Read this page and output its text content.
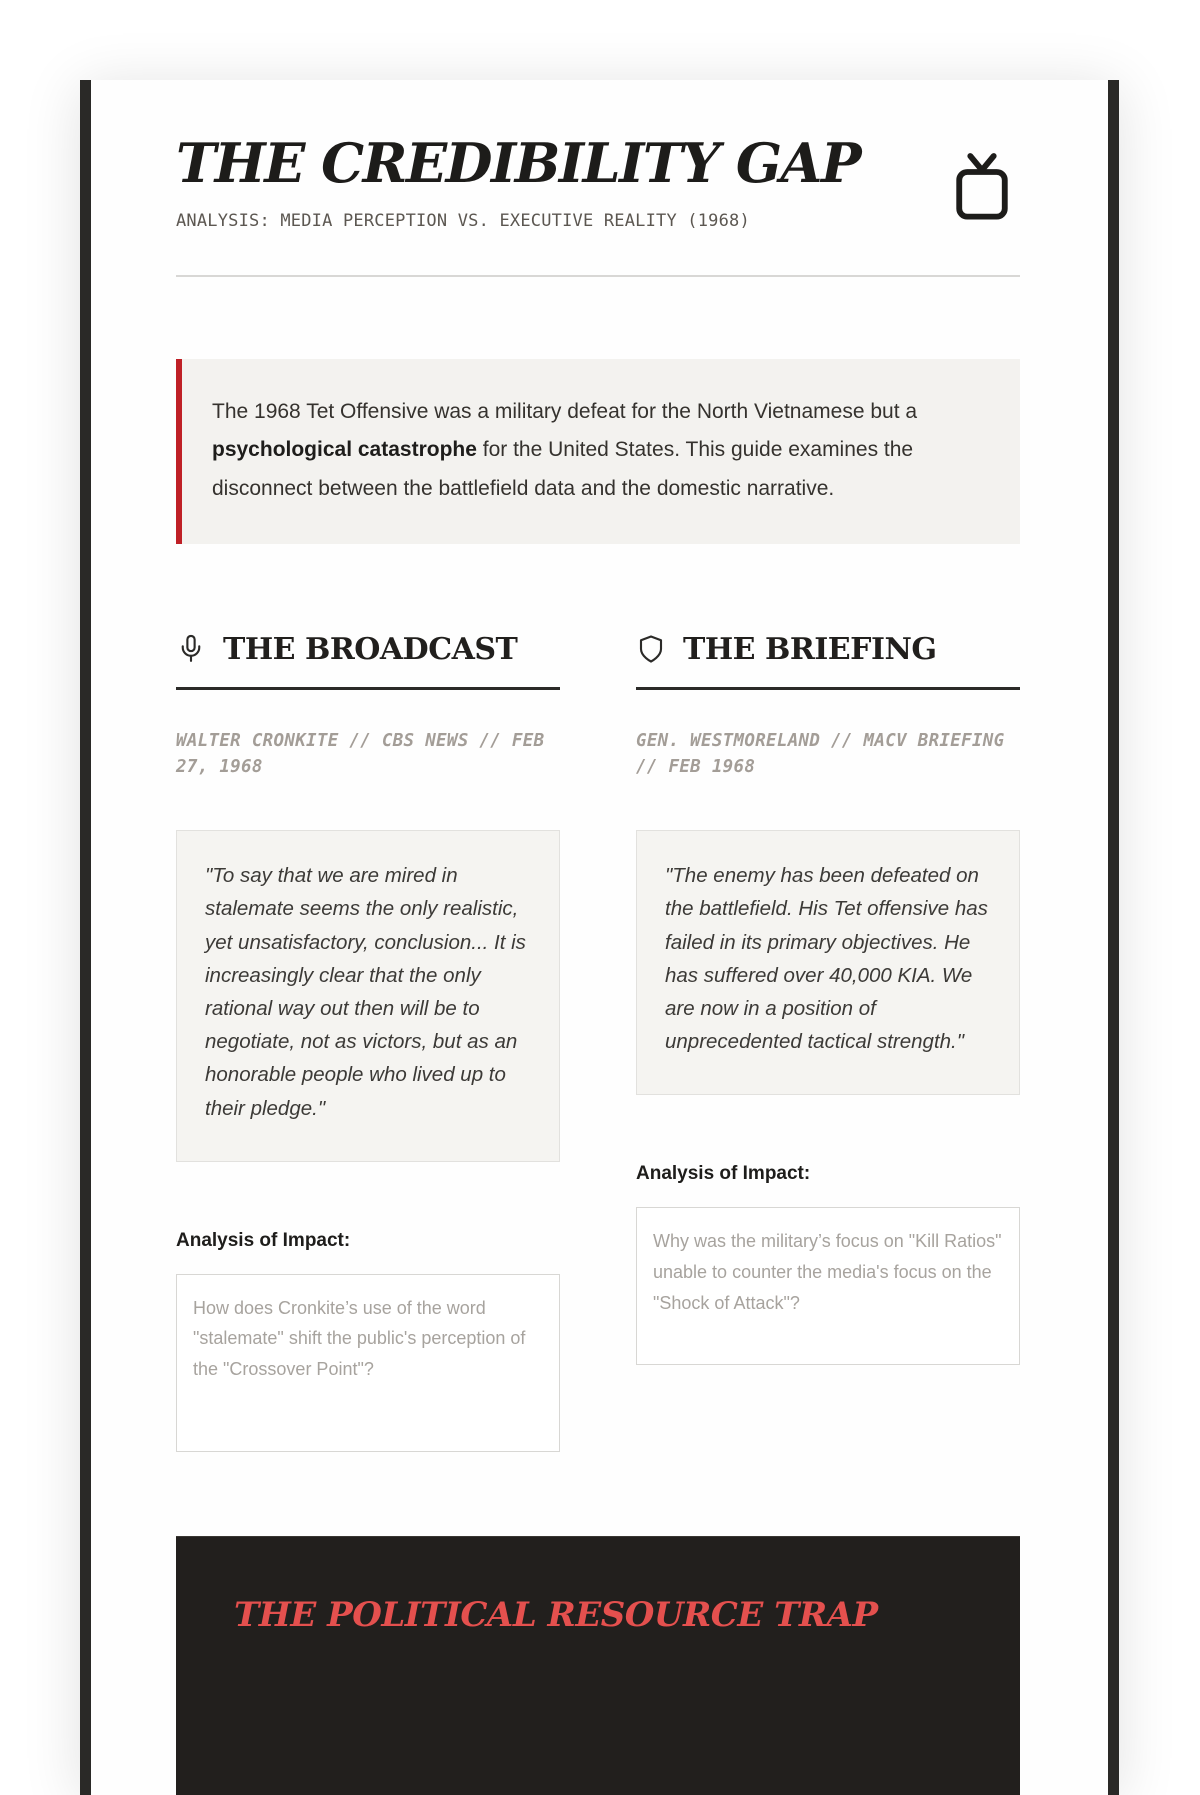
THE CREDIBILITY GAP
ANALYSIS: MEDIA PERCEPTION VS. EXECUTIVE REALITY (1968)
The 1968 Tet Offensive was a military defeat for the North Vietnamese but a psychological catastrophe for the United States. This guide examines the disconnect between the battlefield data and the domestic narrative.
THE BROADCAST
WALTER CRONKITE // CBS NEWS // FEB 27, 1968
"To say that we are mired in stalemate seems the only realistic, yet unsatisfactory, conclusion... It is increasingly clear that the only rational way out then will be to negotiate, not as victors, but as an honorable people who lived up to their pledge."
Analysis of Impact:
How does Cronkite’s use of the word "stalemate" shift the public's perception of the "Crossover Point"?
THE BRIEFING
GEN. WESTMORELAND // MACV BRIEFING // FEB 1968
"The enemy has been defeated on the battlefield. His Tet offensive has failed in its primary objectives. He has suffered over 40,000 KIA. We are now in a position of unprecedented tactical strength."
Analysis of Impact:
Why was the military’s focus on "Kill Ratios" unable to counter the media's focus on the "Shock of Attack"?
THE POLITICAL RESOURCE TRAP
